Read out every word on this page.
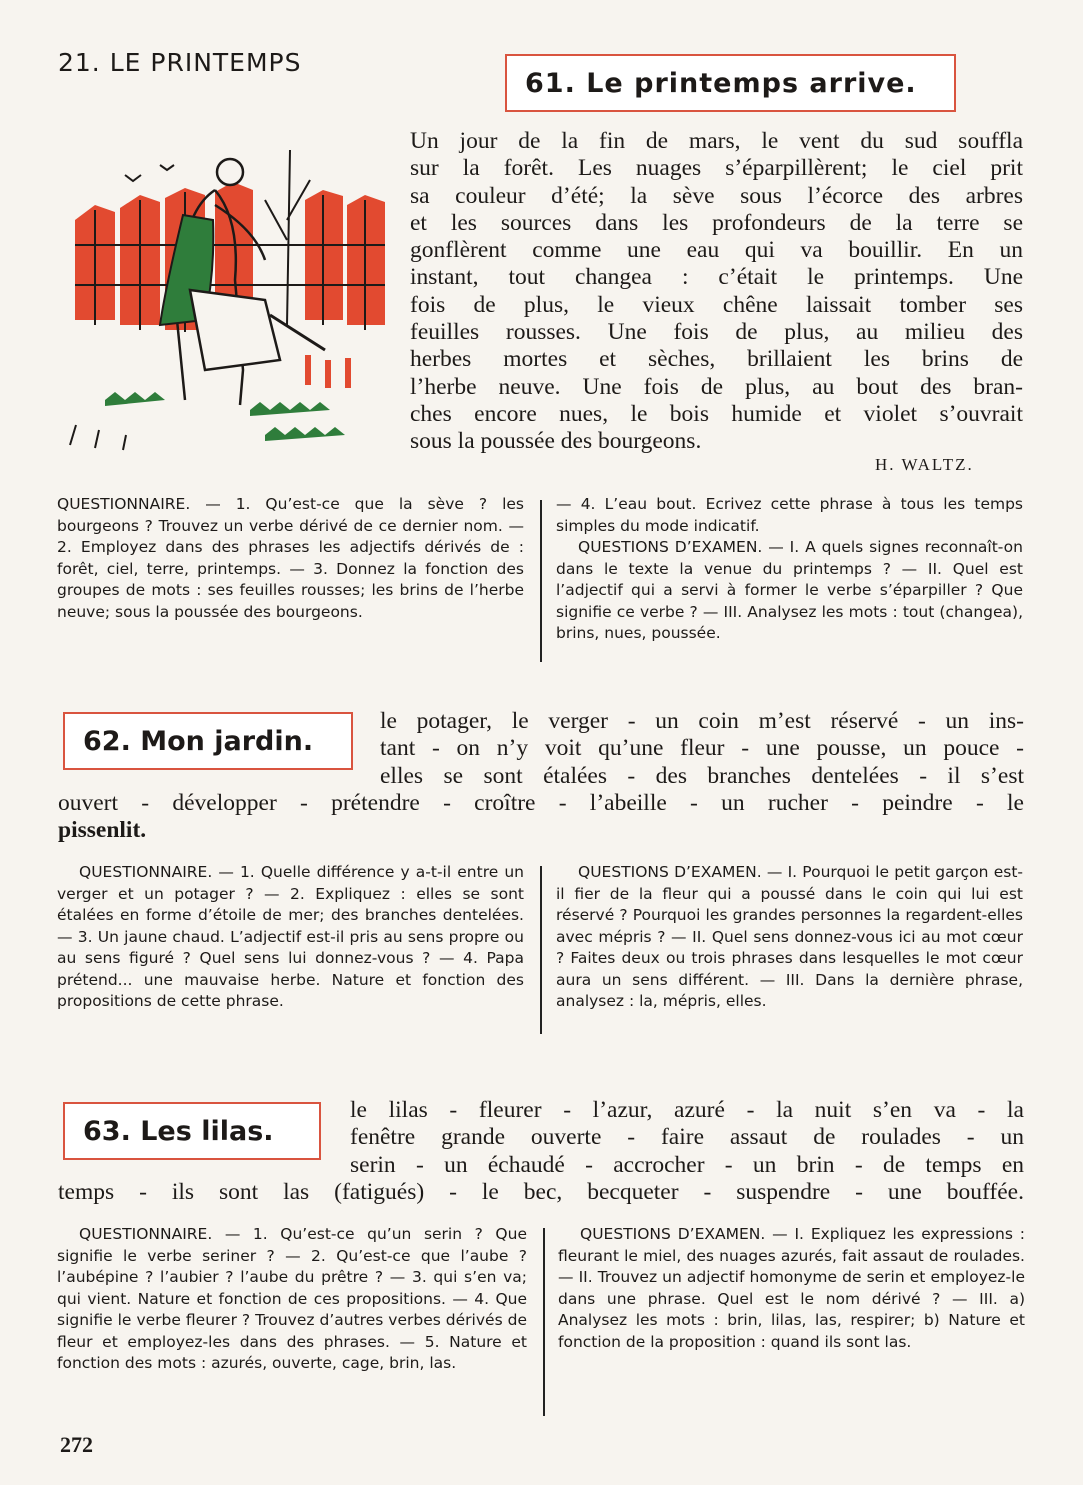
21. LE PRINTEMPS
61. Le printemps arrive.
Un jour de la fin de mars, le vent du sud souffla
sur la forêt. Les nuages s’éparpillèrent; le ciel prit
sa couleur d’été; la sève sous l’écorce des arbres
et les sources dans les profondeurs de la terre se
gonflèrent comme une eau qui va bouillir. En un
instant, tout changea : c’était le printemps. Une
fois de plus, le vieux chêne laissait tomber ses
feuilles rousses. Une fois de plus, au milieu des
herbes mortes et sèches, brillaient les brins de
l’herbe neuve. Une fois de plus, au bout des bran-
ches encore nues, le bois humide et violet s’ouvrait
sous la poussée des bourgeons.
H. WALTZ.
QUESTIONNAIRE. — 1. Qu’est-ce que la sève ? les bourgeons ? Trouvez un verbe dérivé de ce dernier nom. — 2. Employez dans des phrases les adjectifs dérivés de : forêt, ciel, terre, printemps. — 3. Donnez la fonction des groupes de mots : ses feuilles rousses; les brins de l’herbe neuve; sous la poussée des bourgeons.
— 4. L’eau bout. Ecrivez cette phrase à tous les temps simples du mode indicatif.
QUESTIONS D’EXAMEN. — I. A quels signes reconnaît-on dans le texte la venue du printemps ? — II. Quel est l’adjectif qui a servi à former le verbe s’éparpiller ? Que signifie ce verbe ? — III. Analysez les mots : tout (changea), brins, nues, poussée.
62. Mon jardin.
le potager, le verger - un coin m’est réservé - un ins-
tant - on n’y voit qu’une fleur - une pousse, un pouce -
elles se sont étalées - des branches dentelées - il s’est
ouvert - développer - prétendre - croître - l’abeille - un rucher - peindre - le
pissenlit.
QUESTIONNAIRE. — 1. Quelle différence y a-t-il entre un verger et un potager ? — 2. Expliquez : elles se sont étalées en forme d’étoile de mer; des branches dentelées. — 3. Un jaune chaud. L’adjectif est-il pris au sens propre ou au sens figuré ? Quel sens lui donnez-vous ? — 4. Papa prétend... une mauvaise herbe. Nature et fonction des propositions de cette phrase.
QUESTIONS D’EXAMEN. — I. Pourquoi le petit garçon est-il fier de la fleur qui a poussé dans le coin qui lui est réservé ? Pourquoi les grandes personnes la regardent-elles avec mépris ? — II. Quel sens donnez-vous ici au mot cœur ? Faites deux ou trois phrases dans lesquelles le mot cœur aura un sens différent. — III. Dans la dernière phrase, analysez : la, mépris, elles.
63. Les lilas.
le lilas - fleurer - l’azur, azuré - la nuit s’en va - la
fenêtre grande ouverte - faire assaut de roulades - un
serin - un échaudé - accrocher - un brin - de temps en
temps - ils sont las (fatigués) - le bec, becqueter - suspendre - une bouffée.
QUESTIONNAIRE. — 1. Qu’est-ce qu’un serin ? Que signifie le verbe seriner ? — 2. Qu’est-ce que l’aube ? l’aubépine ? l’aubier ? l’aube du prêtre ? — 3. qui s’en va; qui vient. Nature et fonction de ces propositions. — 4. Que signifie le verbe fleurer ? Trouvez d’autres verbes dérivés de fleur et employez-les dans des phrases. — 5. Nature et fonction des mots : azurés, ouverte, cage, brin, las.
QUESTIONS D’EXAMEN. — I. Expliquez les expressions : fleurant le miel, des nuages azurés, fait assaut de roulades. — II. Trouvez un adjectif homonyme de serin et employez-le dans une phrase. Quel est le nom dérivé ? — III. a) Analysez les mots : brin, lilas, las, respirer; b) Nature et fonction de la proposition : quand ils sont las.
272
